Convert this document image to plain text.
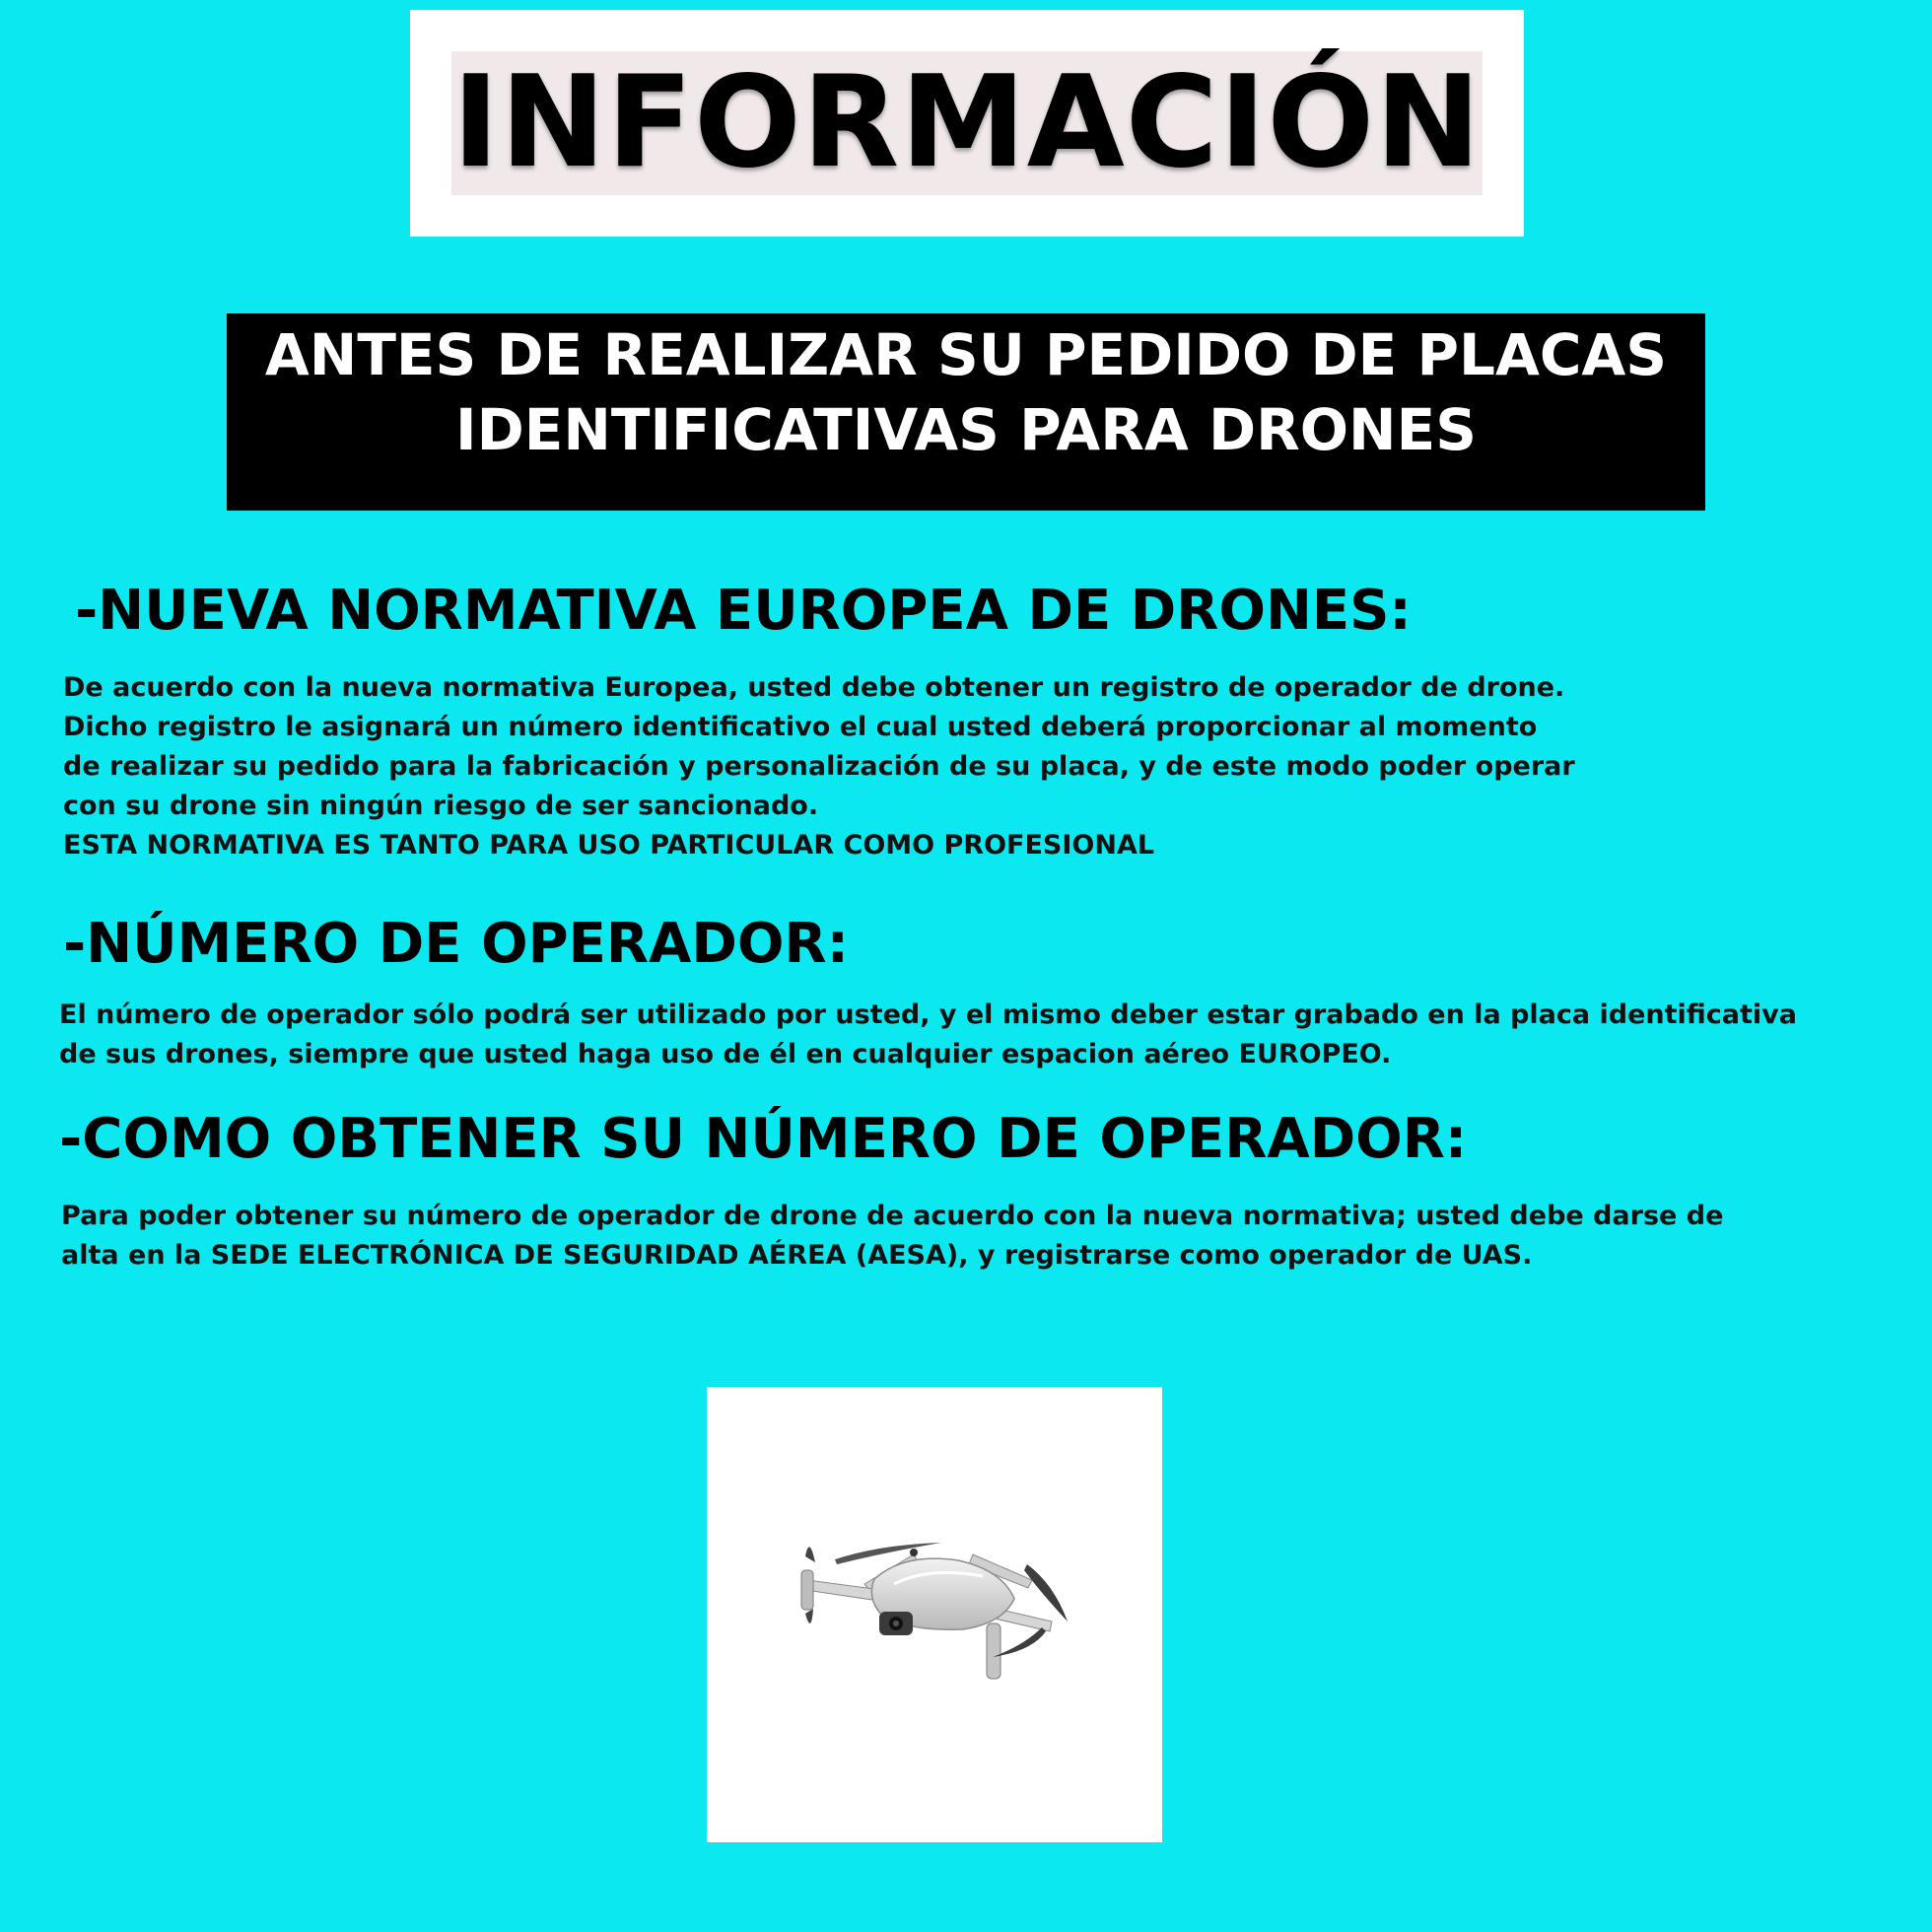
INFORMACIÓN
ANTES DE REALIZAR SU PEDIDO DE PLACAS
IDENTIFICATIVAS PARA DRONES
-NUEVA NORMATIVA EUROPEA DE DRONES:
De acuerdo con la nueva normativa Europea, usted debe obtener un registro de operador de drone.
Dicho registro le asignará un número identificativo el cual usted deberá proporcionar al momento
de realizar su pedido para la fabricación y personalización de su placa, y de este modo poder operar
con su drone sin ningún riesgo de ser sancionado.
ESTA NORMATIVA ES TANTO PARA USO PARTICULAR COMO PROFESIONAL
-NÚMERO DE OPERADOR:
El número de operador sólo podrá ser utilizado por usted, y el mismo deber estar grabado en la placa identificativa
de sus drones, siempre que usted haga uso de él en cualquier espacion aéreo EUROPEO.
-COMO OBTENER SU NÚMERO DE OPERADOR:
Para poder obtener su número de operador de drone de acuerdo con la nueva normativa; usted debe darse de
alta en la SEDE ELECTRÓNICA DE SEGURIDAD AÉREA (AESA), y registrarse como operador de UAS.
